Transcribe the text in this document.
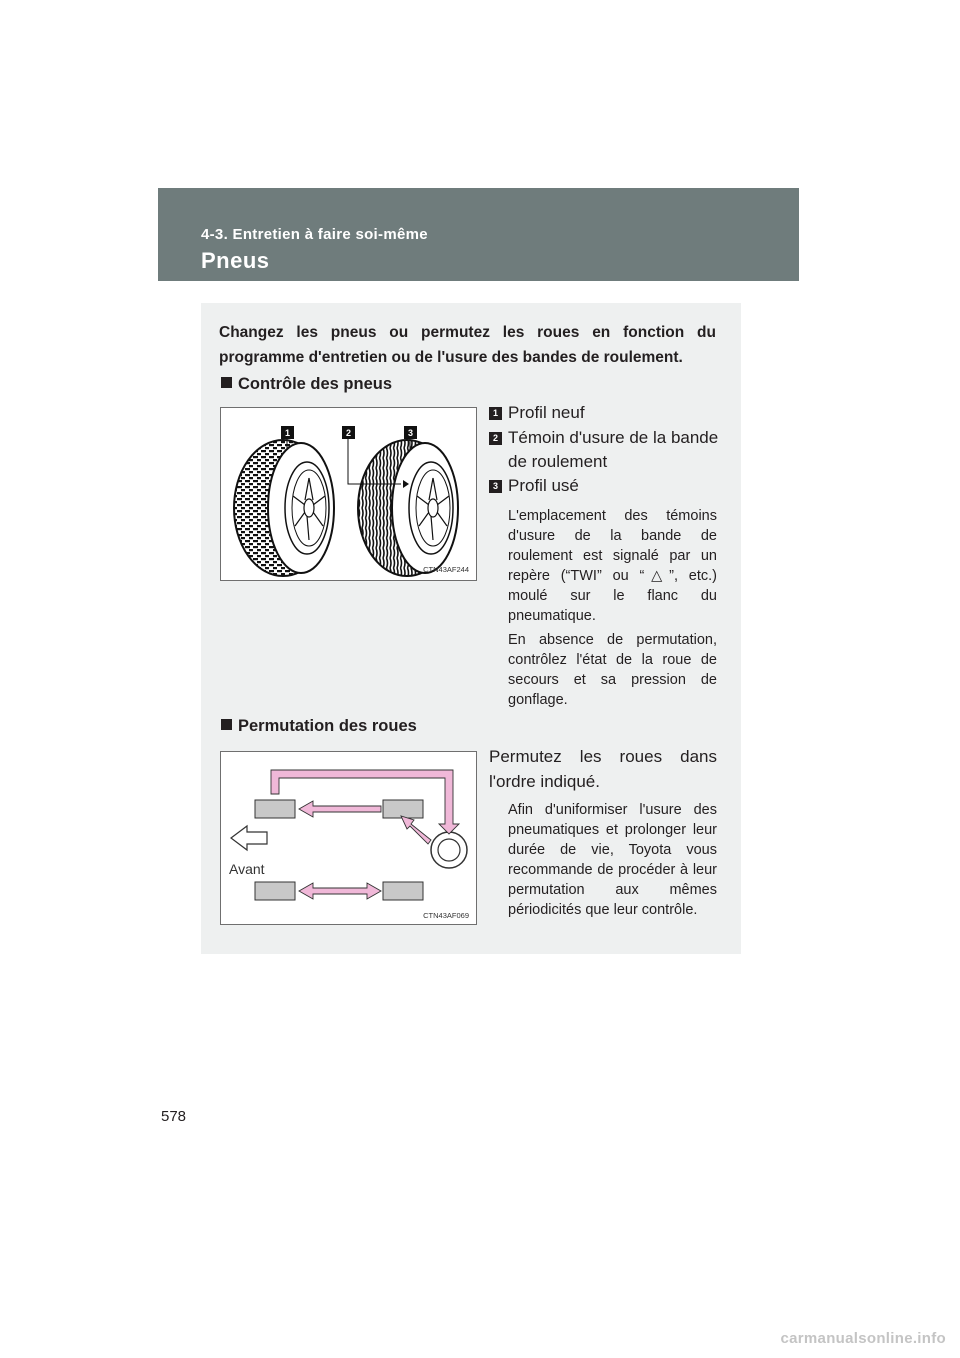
4-3. Entretien à faire soi-même
Pneus
Changez les pneus ou permutez les roues en fonction du programme d'entretien ou de l'usure des bandes de roulement.
Contrôle des pneus
1	2	3
CTN43AF244
1 Profil neuf
2 Témoin d'usure de la bande de roulement
3 Profil usé
L'emplacement des témoins d'usure de la bande de roulement est signalé par un repère (“TWI” ou “△”, etc.) moulé sur le flanc du pneumatique.
En absence de permutation, contrôlez l'état de la roue de secours et sa pression de gonflage.
Permutation des roues
Avant
CTN43AF069
Permutez les roues dans l'ordre indiqué.
Afin d'uniformiser l'usure des pneumatiques et prolonger leur durée de vie, Toyota vous recommande de procéder à leur permutation aux mêmes périodicités que leur contrôle.
578
carmanualsonline.info
